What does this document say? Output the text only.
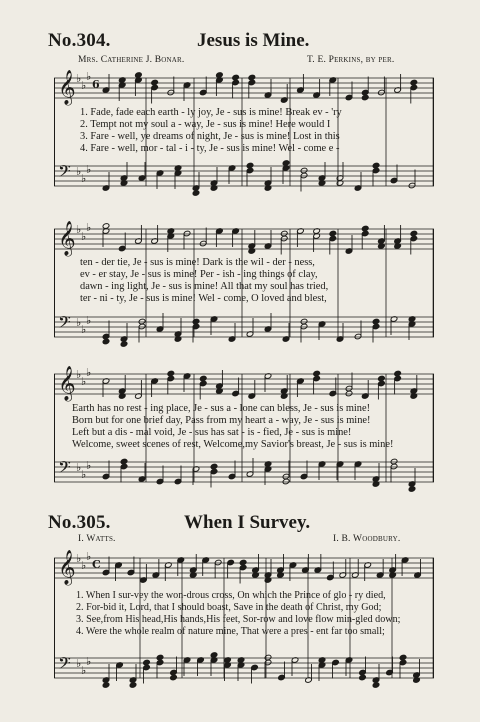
No.304.	Jesus is Mine.
Mrs. Catherine J. Bonar.	T. E. Perkins, by per.
𝄞 ♭
♭
♭
𝄢 ♭
♭
♭
6
1. Fade, fade each earth - ly joy, Je - sus is mine! Break ev - 'ry
2. Tempt not my soul a - way, Je - sus is mine! Here would I
3. Fare - well, ye dreams of night, Je - sus is mine! Lost in this
4. Fare - well, mor - tal - i - ty, Je - sus is mine! Wel - come e -
𝄞 ♭
♭
♭
𝄢 ♭
♭
♭
ten - der tie, Je - sus is mine! Dark is the wil - der - ness,
ev - er stay, Je - sus is mine! Per - ish - ing things of clay,
dawn - ing light, Je - sus is mine! All that my soul has tried,
ter - ni - ty, Je - sus is mine! Wel - come, O loved and blest,
𝄞 ♭
♭
♭
𝄢 ♭
♭
♭
Earth has no rest - ing place, Je - sus a - lone can bless, Je - sus is mine!
Born but for one brief day, Pass from my heart a - way, Je - sus is mine!
Left but a dis - mal void, Je - sus has sat - is - fied, Je - sus is mine!
Welcome, sweet scenes of rest, Welcome,my Savior's breast, Je - sus is mine!
No.305.	When I Survey.
I. Watts.	I. B. Woodbury.
𝄞 ♭
♭
♭
𝄢 ♭
♭
♭
C
1. When I sur-vey the won-drous cross, On which the Prince of glo - ry died,
2. For-bid it, Lord, that I should boast, Save in the death of Christ, my God;
3. See,from His head,His hands,His feet, Sor-row and love flow min-gled down;
4. Were the whole realm of nature mine, That were a pres - ent far too small;
